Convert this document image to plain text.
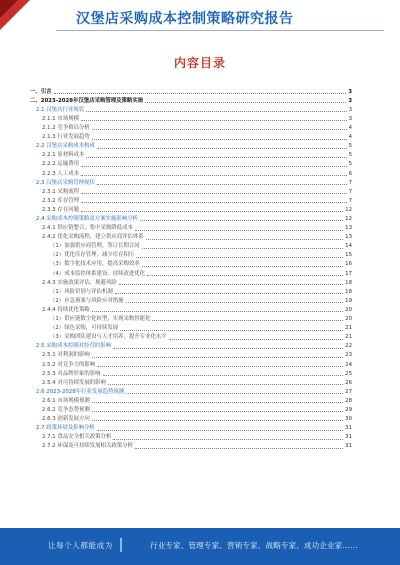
汉堡店采购成本控制策略研究报告
内容目录
一、引言	3
二、2023-2028年汉堡店采购管理及策略实施	3
2.1 汉堡店行业现状	3
2.1.1 市场规模	3
2.1.2 竞争格局分析	4
2.1.3 行业发展趋势	4
2.2 汉堡店采购成本构成	5
2.2.1 原材料成本	5
2.2.2 运输费用	5
2.2.3 人工成本	6
2.3 汉堡店采购管理现状	7
2.3.1 采购流程	7
2.3.2 库存管理	7
2.3.3 存在问题	12
2.4 采购成本控制策略及方案实施影响分析	12
2.4.1 供应链整合、集中采购降低成本	13
2.4.2 优化采购流程，建立供应商评估体系	13
（1）加强供应商管理，签订长期合同	14
（2）优化库存管理，减少库存积压	15
（3）数字化技术应用，提高采购效率	16
（4）成本监控体系建设，持续改进优化	17
2.4.3 实施效果评估，规避风险	18
（1）风险识别与评估机制	18
（2）应急预案与风险应对措施	19
2.4.4 持续优化策略	20
（1）供应链数字化转型，实现采购智能化	20
（2）绿色采购，可持续发展	21
（3）采购团队建设与人才培养，提升专业化水平	21
2.5 采购成本控制对经营的影响	22
2.5.1 对利润的影响	23
2.5.2 对竞争力的影响	24
2.5.3 对品牌形象的影响	25
2.5.4 对可持续发展的影响	26
2.6 2023-2028年行业发展趋势预测	27
2.6.1 市场规模预测	28
2.6.2 竞争态势预测	29
2.6.3 创新发展方向	30
2.7 政策环境及影响分析	31
2.7.1 食品安全相关政策分析	31
2.7.2 环保及可持续发展相关政策分析	31
让每个人都能成为	行业专家、管理专家、营销专家、战略专家、成功企业家……
